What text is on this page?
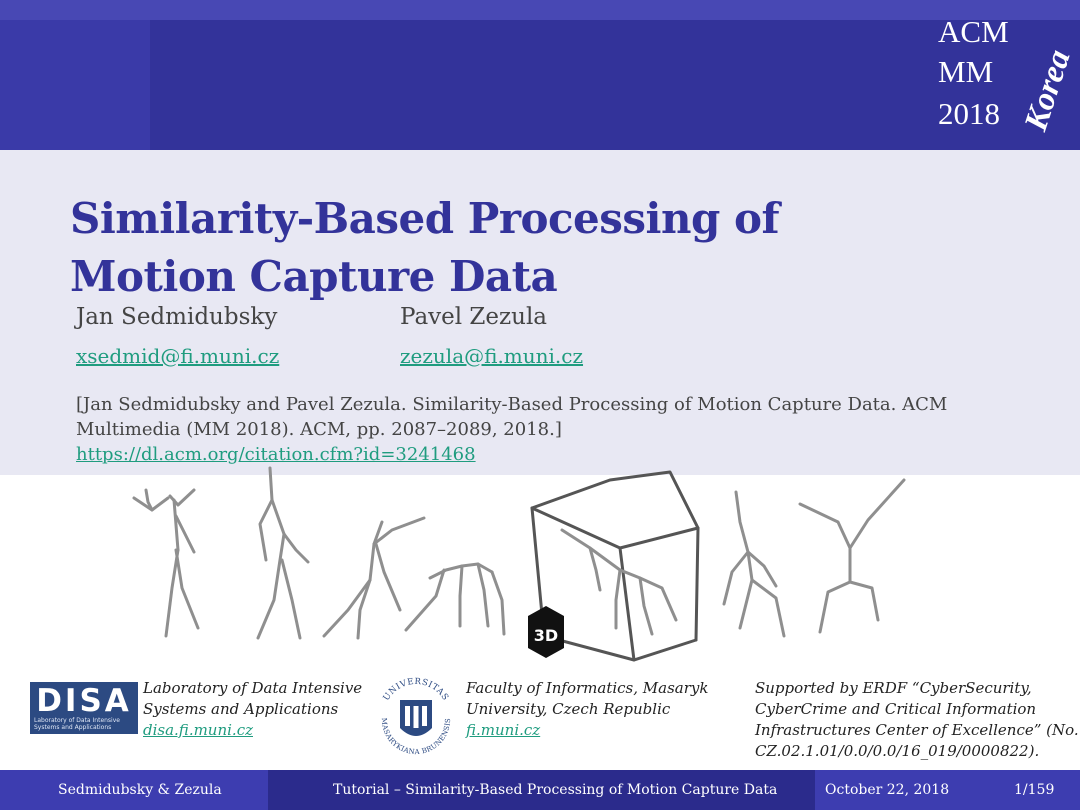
ACM
MM
2018 Korea
Similarity-Based Processing of
Motion Capture Data
Jan Sedmidubsky	Pavel Zezula
xsedmid@fi.muni.cz	zezula@fi.muni.cz
[Jan Sedmidubsky and Pavel Zezula. Similarity-Based Processing of Motion Capture Data. ACM Multimedia (MM 2018). ACM, pp. 2087–2089, 2018.]
https://dl.acm.org/citation.cfm?id=3241468
3D
DISA
Laboratory of Data Intensive
Systems and Applications
Laboratory of Data Intensive
Systems and Applications
disa.fi.muni.cz
UNIVERSITAS
MASARYKIANA BRUNENSIS
Faculty of Informatics, Masaryk
University, Czech Republic
fi.muni.cz
Supported by ERDF “CyberSecurity,
CyberCrime and Critical Information
Infrastructures Center of Excellence” (No.
CZ.02.1.01/0.0/0.0/16_019/0000822).
Sedmidubsky & Zezula	Tutorial – Similarity-Based Processing of Motion Capture Data	October 22, 2018	1/159
